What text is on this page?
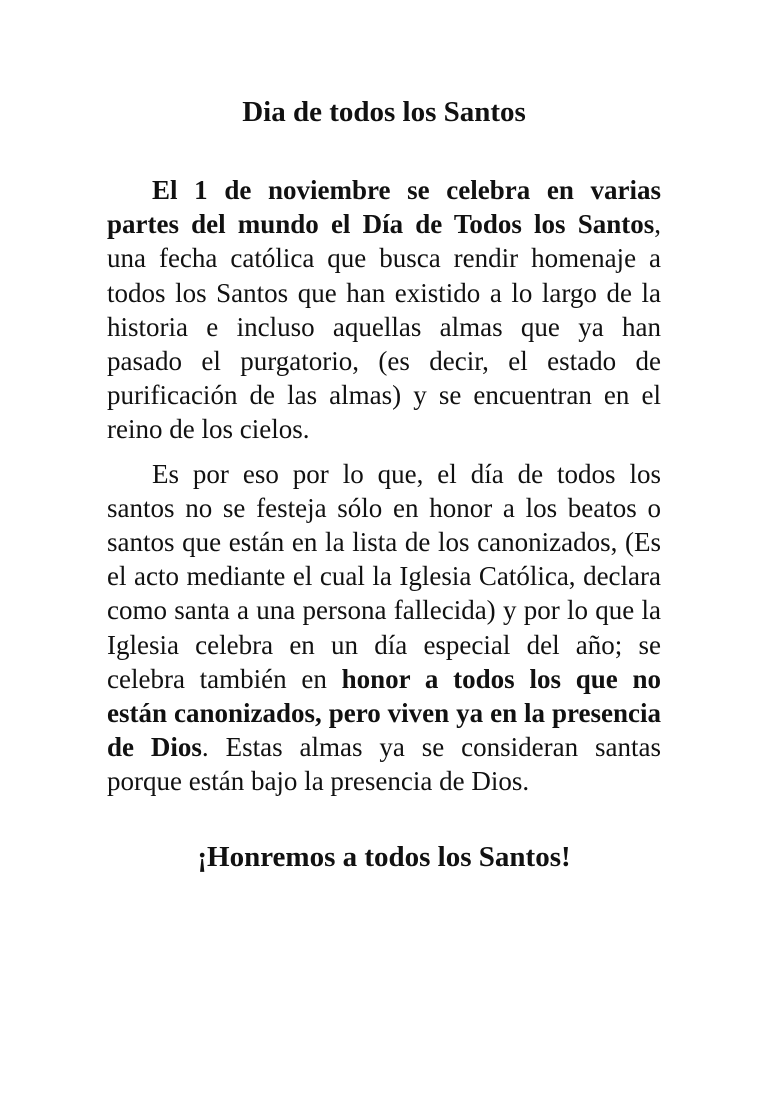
Dia de todos los Santos

El 1 de noviembre se celebra en varias partes del mundo el Día de Todos los Santos, una fecha católica que busca rendir homenaje a todos los Santos que han existido a lo largo de la historia e incluso aquellas almas que ya han pasado el purgatorio, (es decir, el estado de purificación de las almas) y se encuentran en el reino de los cielos.

Es por eso por lo que, el día de todos los santos no se festeja sólo en honor a los beatos o santos que están en la lista de los canonizados, (Es el acto mediante el cual la Iglesia Católica, declara como santa a una persona fallecida) y por lo que la Iglesia celebra en un día especial del año; se celebra también en honor a todos los que no están canonizados, pero viven ya en la presencia de Dios. Estas almas ya se consideran santas porque están bajo la presencia de Dios.

¡Honremos a todos los Santos!
